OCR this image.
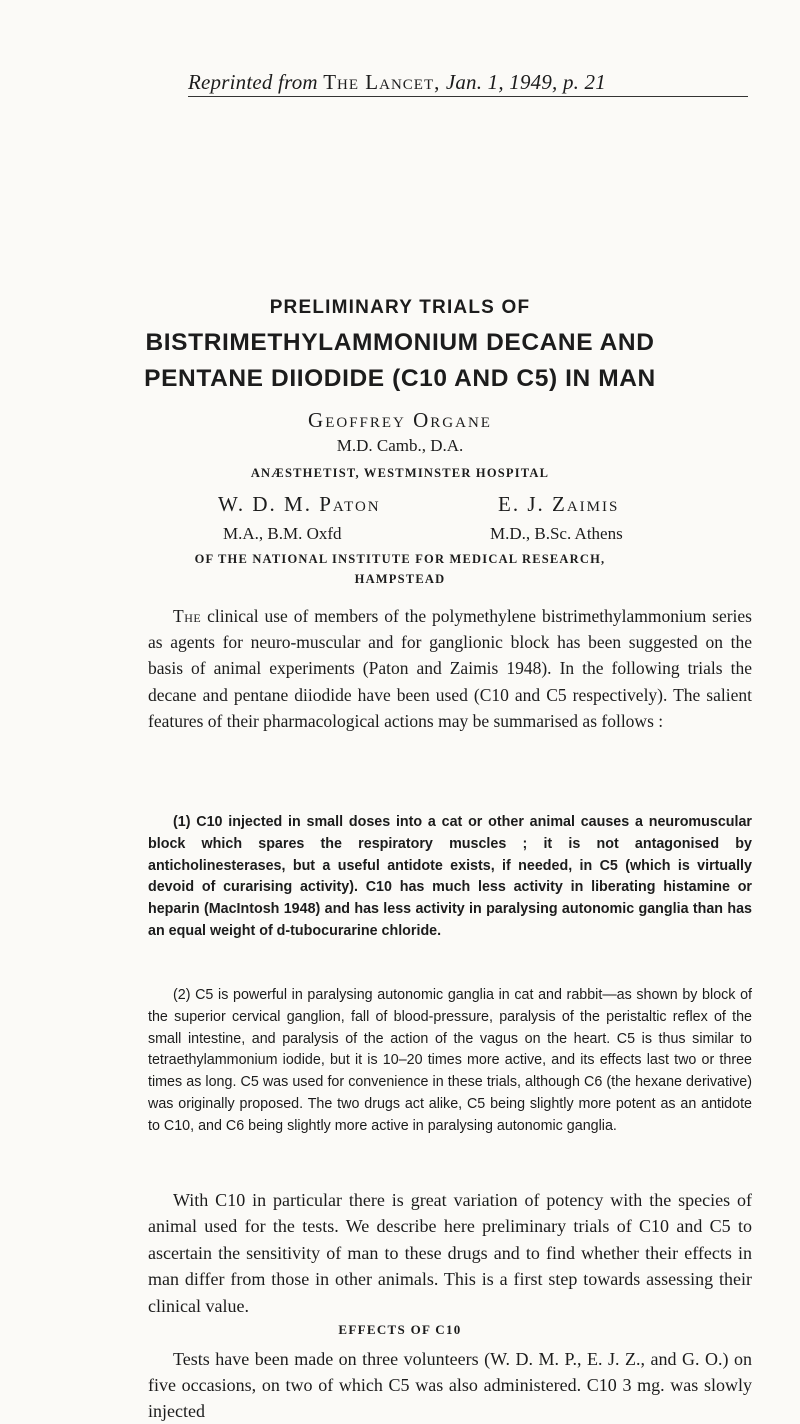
Reprinted from The Lancet, Jan. 1, 1949, p. 21
PRELIMINARY TRIALS OF
BISTRIMETHYLAMMONIUM DECANE AND
PENTANE DIIODIDE (C10 AND C5) IN MAN
Geoffrey Organe
M.D. Camb., D.A.
ANÆSTHETIST, WESTMINSTER HOSPITAL
W. D. M. Paton	E. J. Zaimis
M.A., B.M. Oxfd	M.D., B.Sc. Athens
OF THE NATIONAL INSTITUTE FOR MEDICAL RESEARCH,
HAMPSTEAD

The clinical use of members of the polymethylene bistrimethylammonium series as agents for neuro-muscular and for ganglionic block has been suggested on the basis of animal experiments (Paton and Zaimis 1948). In the following trials the decane and pentane diiodide have been used (C10 and C5 respectively). The salient features of their pharmacological actions may be summarised as follows :

(1) C10 injected in small doses into a cat or other animal causes a neuromuscular block which spares the respiratory muscles ; it is not antagonised by anticholinesterases, but a useful antidote exists, if needed, in C5 (which is virtually devoid of curarising activity). C10 has much less activity in liberating histamine or heparin (MacIntosh 1948) and has less activity in paralysing autonomic ganglia than has an equal weight of d-tubocurarine chloride.

(2) C5 is powerful in paralysing autonomic ganglia in cat and rabbit—as shown by block of the superior cervical ganglion, fall of blood-pressure, paralysis of the peristaltic reflex of the small intestine, and paralysis of the action of the vagus on the heart. C5 is thus similar to tetraethylammonium iodide, but it is 10–20 times more active, and its effects last two or three times as long. C5 was used for convenience in these trials, although C6 (the hexane derivative) was originally proposed. The two drugs act alike, C5 being slightly more potent as an antidote to C10, and C6 being slightly more active in paralysing autonomic ganglia.

With C10 in particular there is great variation of potency with the species of animal used for the tests. We describe here preliminary trials of C10 and C5 to ascertain the sensitivity of man to these drugs and to find whether their effects in man differ from those in other animals. This is a first step towards assessing their clinical value.

EFFECTS OF C10

Tests have been made on three volunteers (W. D. M. P., E. J. Z., and G. O.) on five occasions, on two of which C5 was also administered. C10 3 mg. was slowly injected
